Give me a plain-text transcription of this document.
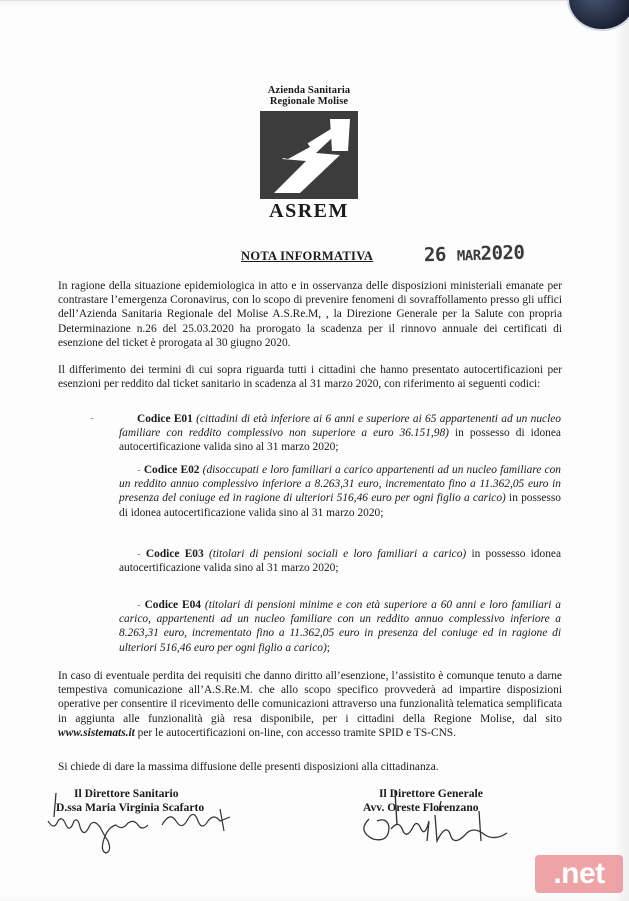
Azienda Sanitaria
Regionale Molise
ASREM
NOTA INFORMATIVA	26 MAR2020
In ragione della situazione epidemiologica in atto e in osservanza delle disposizioni ministeriali emanate per contrastare l’emergenza Coronavirus, con lo scopo di prevenire fenomeni di sovraffollamento presso gli uffici dell’Azienda Sanitaria Regionale del Molise A.S.Re.M, , la Direzione Generale per la Salute con propria Determinazione n.26 del 25.03.2020 ha prorogato la scadenza per il rinnovo annuale dei certificati di esenzione del ticket è prorogata al 30 giugno 2020.
Il differimento dei termini di cui sopra riguarda tutti i cittadini che hanno presentato autocertificazioni per esenzioni per reddito dal ticket sanitario in scadenza al 31 marzo 2020, con riferimento ai seguenti codici:
-	Codice E01 (cittadini di età inferiore ai 6 anni e superiore ai 65 appartenenti ad un nucleo familiare con reddito complessivo non superiore a euro 36.151,98) in possesso di idonea autocertificazione valida sino al 31 marzo 2020;
- Codice E02 (disoccupati e loro familiari a carico appartenenti ad un nucleo familiare con un reddito annuo complessivo inferiore a 8.263,31 euro, incrementato fino a 11.362,05 euro in presenza del coniuge ed in ragione di ulteriori 516,46 euro per ogni figlio a carico) in possesso di idonea autocertificazione valida sino al 31 marzo 2020;
- Codice E03 (titolari di pensioni sociali e loro familiari a carico) in possesso idonea autocertificazione valida sino al 31 marzo 2020;
- Codice E04 (titolari di pensioni minime e con età superiore a 60 anni e loro familiari a carico, appartenenti ad un nucleo familiare con un reddito annuo complessivo inferiore a 8.263,31 euro, incrementato fino a 11.362,05 euro in presenza del coniuge ed in ragione di ulteriori 516,46 euro per ogni figlio a carico);
In caso di eventuale perdita dei requisiti che danno diritto all’esenzione, l’assistito è comunque tenuto a darne tempestiva comunicazione all’A.S.Re.M. che allo scopo specifico provvederà ad impartire disposizioni operative per consentire il ricevimento delle comunicazioni attraverso una funzionalità telematica semplificata in aggiunta alle funzionalità già resa disponibile, per i cittadini della Regione Molise, dal sito www.sistemats.it per le autocertificazioni on-line, con accesso tramite SPID e TS-CNS.
Si chiede di dare la massima diffusione delle presenti disposizioni alla cittadinanza.
Il Direttore Sanitario
D.ssa Maria Virginia Scafarto
Il Direttore Generale
Avv. Oreste Florenzano
.net
